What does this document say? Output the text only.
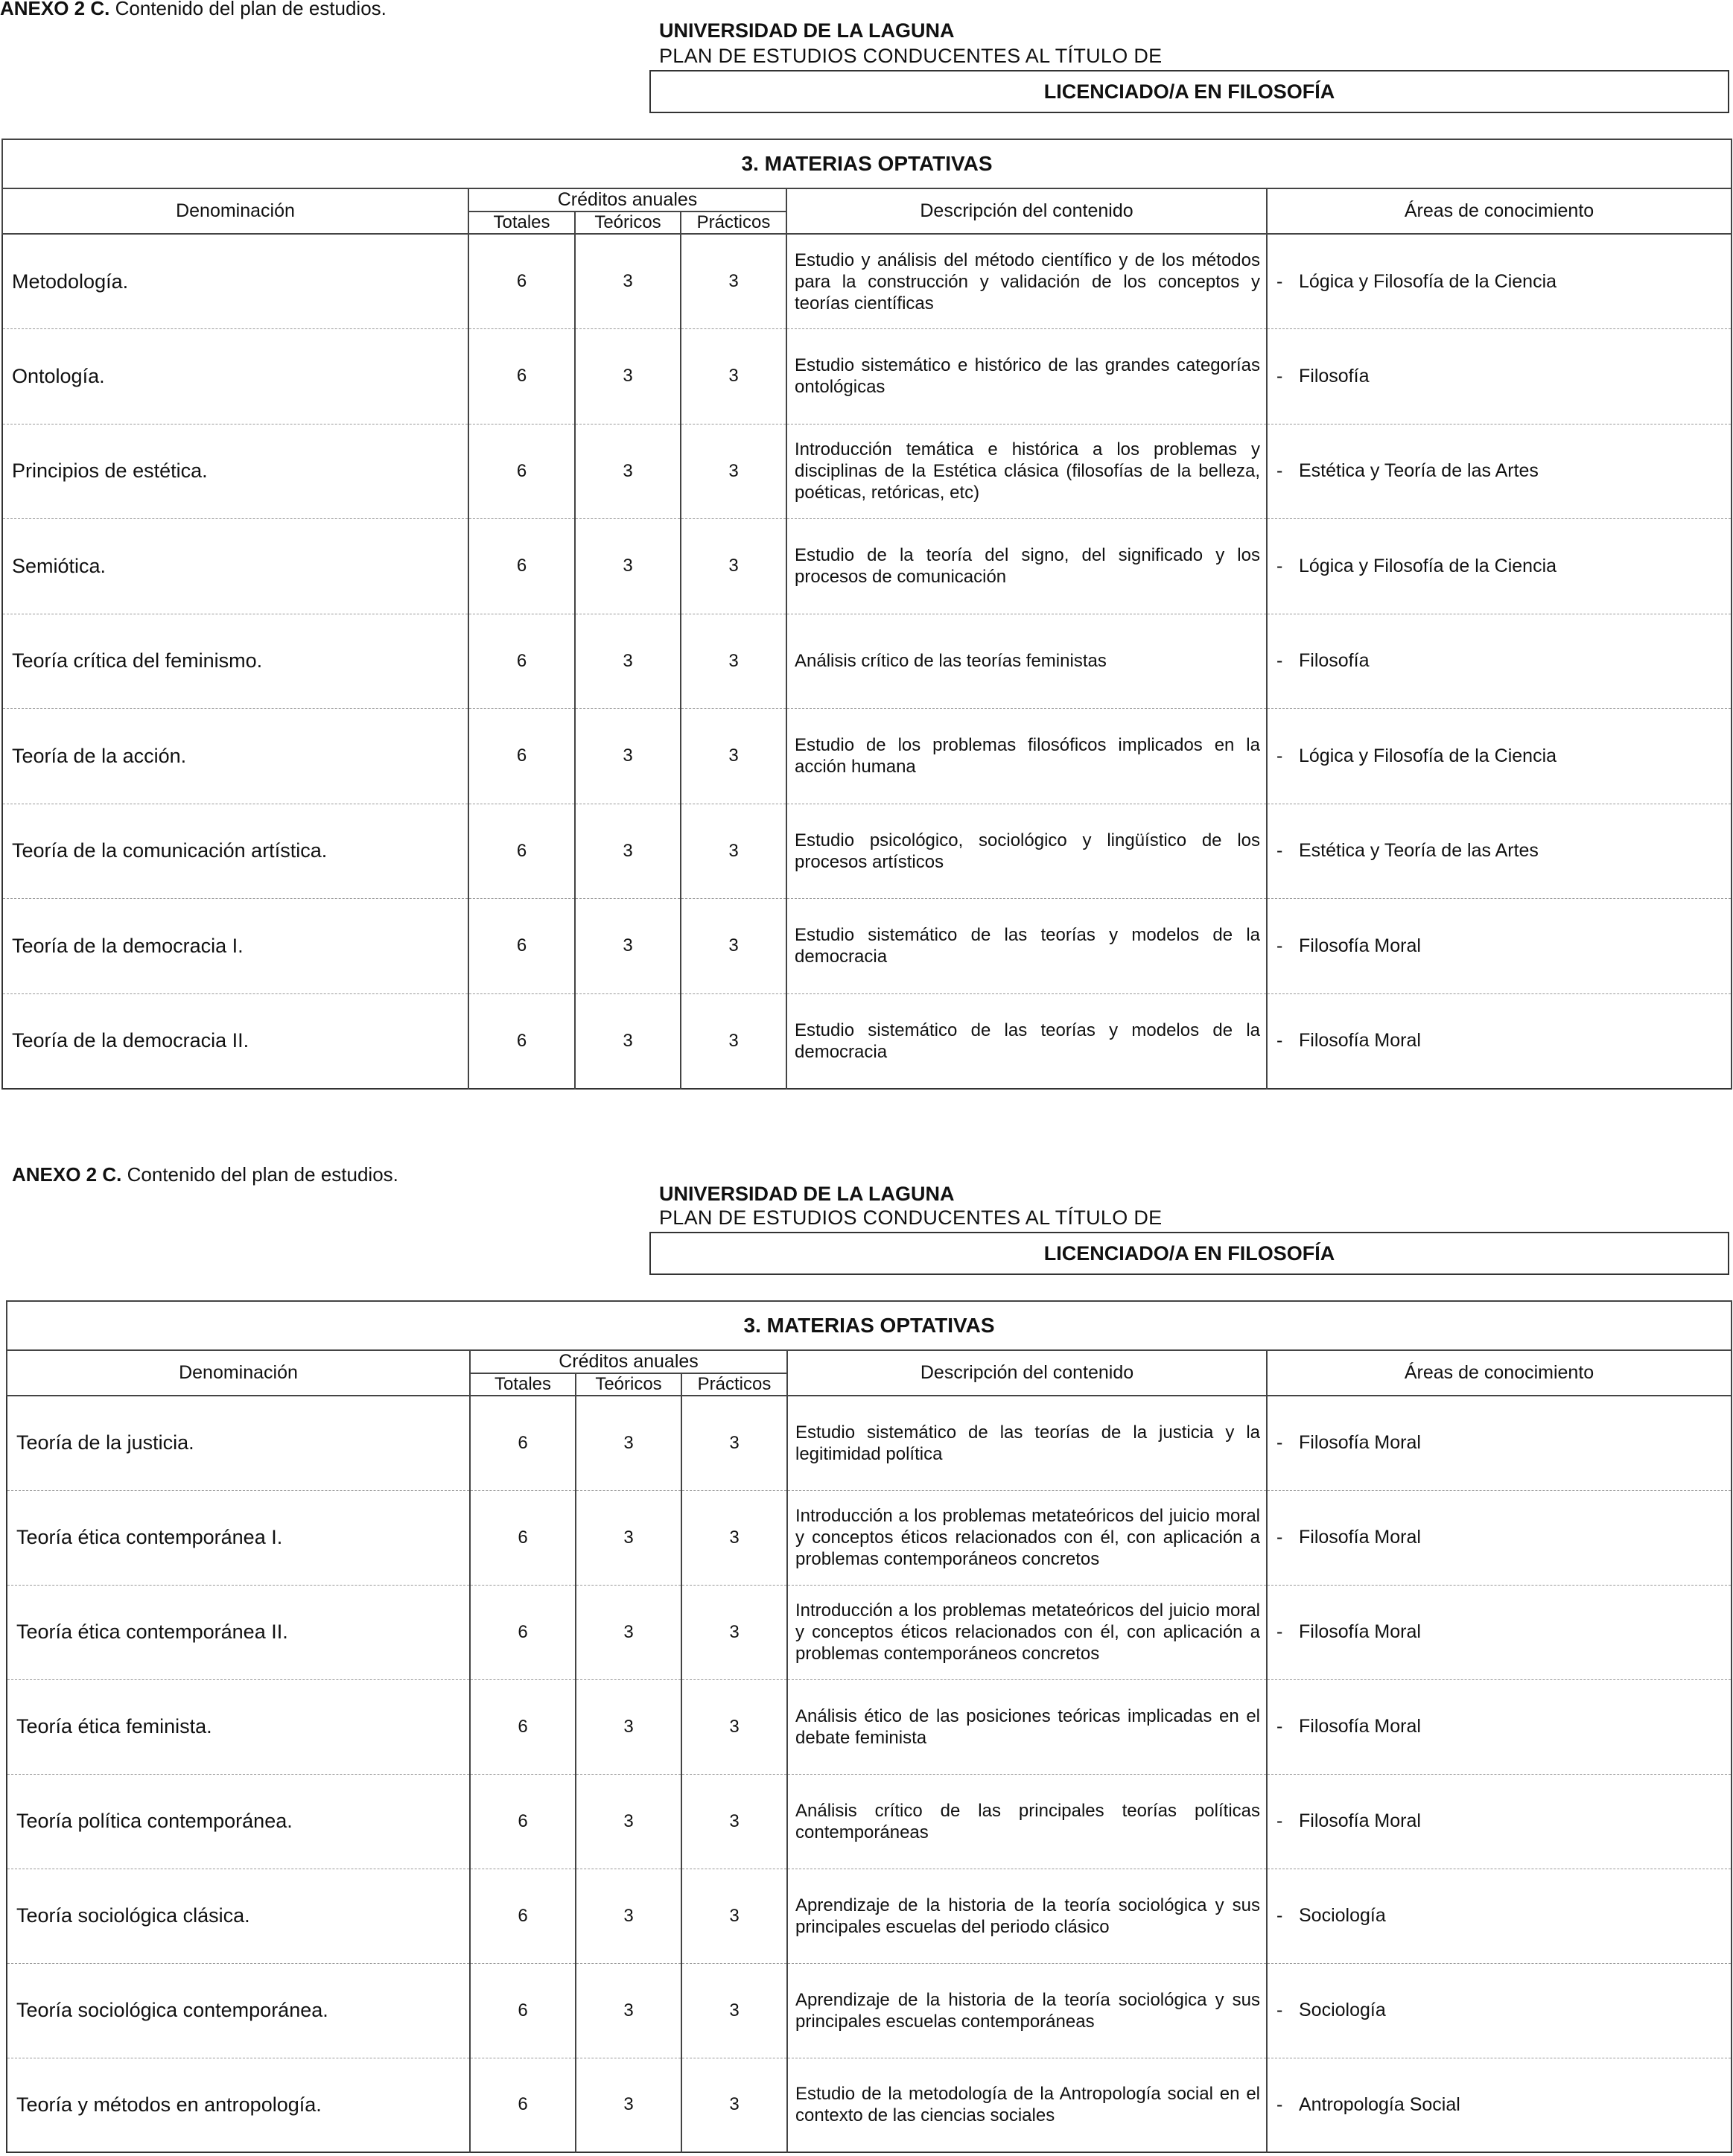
ANEXO 2 C. Contenido del plan de estudios.
UNIVERSIDAD DE LA LAGUNA
PLAN DE ESTUDIOS CONDUCENTES AL TÍTULO DE
LICENCIADO/A EN FILOSOFÍA
3. MATERIAS OPTATIVAS					
Denominación	Créditos anuales			Descripción del contenido	Áreas de conocimiento
	Totales	Teóricos	Prácticos		
Metodología.	6	3	3	Estudio y análisis del método científico y de los métodos para la construcción y validación de los conceptos y teorías científicas	- Lógica y Filosofía de la Ciencia
Ontología.	6	3	3	Estudio sistemático e histórico de las grandes categorías ontológicas	- Filosofía
Principios de estética.	6	3	3	Introducción temática e histórica a los problemas y disciplinas de la Estética clásica (filosofías de la belleza, poéticas, retóricas, etc)	- Estética y Teoría de las Artes
Semiótica.	6	3	3	Estudio de la teoría del signo, del significado y los procesos de comunicación	- Lógica y Filosofía de la Ciencia
Teoría crítica del feminismo.	6	3	3	Análisis crítico de las teorías feministas	- Filosofía
Teoría de la acción.	6	3	3	Estudio de los problemas filosóficos implicados en la acción humana	- Lógica y Filosofía de la Ciencia
Teoría de la comunicación artística.	6	3	3	Estudio psicológico, sociológico y lingüístico de los procesos artísticos	- Estética y Teoría de las Artes
Teoría de la democracia I.	6	3	3	Estudio sistemático de las teorías y modelos de la democracia	- Filosofía Moral
Teoría de la democracia II.	6	3	3	Estudio sistemático de las teorías y modelos de la democracia	- Filosofía Moral
ANEXO 2 C. Contenido del plan de estudios.
UNIVERSIDAD DE LA LAGUNA
PLAN DE ESTUDIOS CONDUCENTES AL TÍTULO DE
LICENCIADO/A EN FILOSOFÍA
3. MATERIAS OPTATIVAS					
Denominación	Créditos anuales			Descripción del contenido	Áreas de conocimiento
	Totales	Teóricos	Prácticos		
Teoría de la justicia.	6	3	3	Estudio sistemático de las teorías de la justicia y la legitimidad política	- Filosofía Moral
Teoría ética contemporánea I.	6	3	3	Introducción a los problemas metateóricos del juicio moral y conceptos éticos relacionados con él, con aplicación a problemas contemporáneos concretos	- Filosofía Moral
Teoría ética contemporánea II.	6	3	3	Introducción a los problemas metateóricos del juicio moral y conceptos éticos relacionados con él, con aplicación a problemas contemporáneos concretos	- Filosofía Moral
Teoría ética feminista.	6	3	3	Análisis ético de las posiciones teóricas implicadas en el debate feminista	- Filosofía Moral
Teoría política contemporánea.	6	3	3	Análisis crítico de las principales teorías políticas contemporáneas	- Filosofía Moral
Teoría sociológica clásica.	6	3	3	Aprendizaje de la historia de la teoría sociológica y sus principales escuelas del periodo clásico	- Sociología
Teoría sociológica contemporánea.	6	3	3	Aprendizaje de la historia de la teoría sociológica y sus principales escuelas contemporáneas	- Sociología
Teoría y métodos en antropología.	6	3	3	Estudio de la metodología de la Antropología social en el contexto de las ciencias sociales	- Antropología Social
